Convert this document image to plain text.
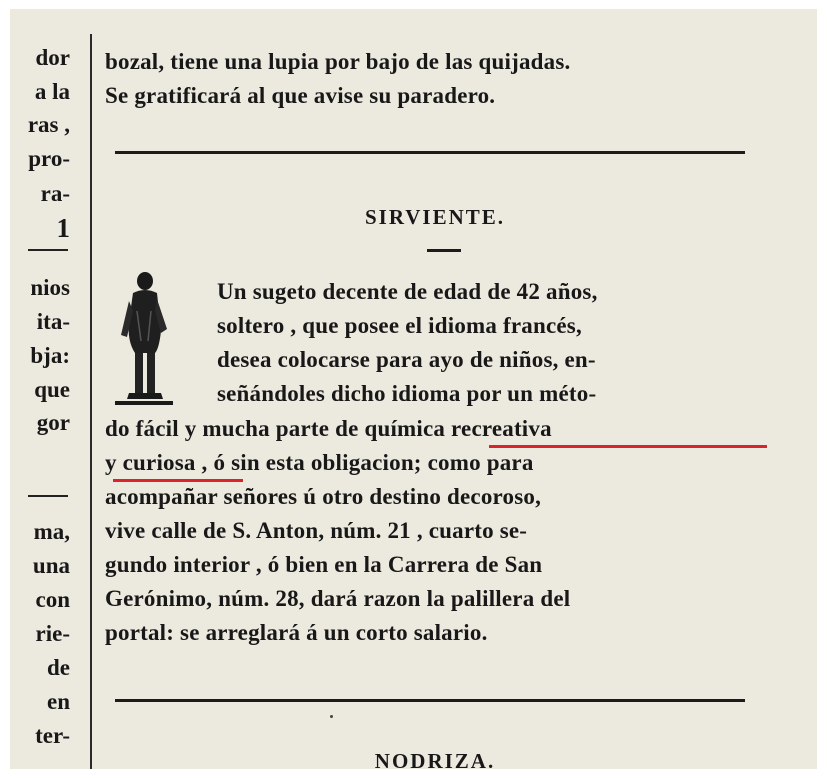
dor
a la
ras ,
pro-
ra-
1
nios
ita-
bja:
que
gor
ma,
una
con
rie-
de
en
ter-
bozal, tiene una lupia por bajo de las quijadas.
Se gratificará al que avise su paradero.
SIRVIENTE.
Un sugeto decente de edad de 42 años,
soltero , que posee el idioma francés,
desea colocarse para ayo de niños, en-
señándoles dicho idioma por un méto-
do fácil y mucha parte de química recreativa
y curiosa , ó sin esta obligacion; como para
acompañar señores ú otro destino decoroso,
vive calle de S. Anton, núm. 21 , cuarto se-
gundo interior , ó bien en la Carrera de San
Gerónimo, núm. 28, dará razon la palillera del
portal: se arreglará á un corto salario.
NODRIZA.
